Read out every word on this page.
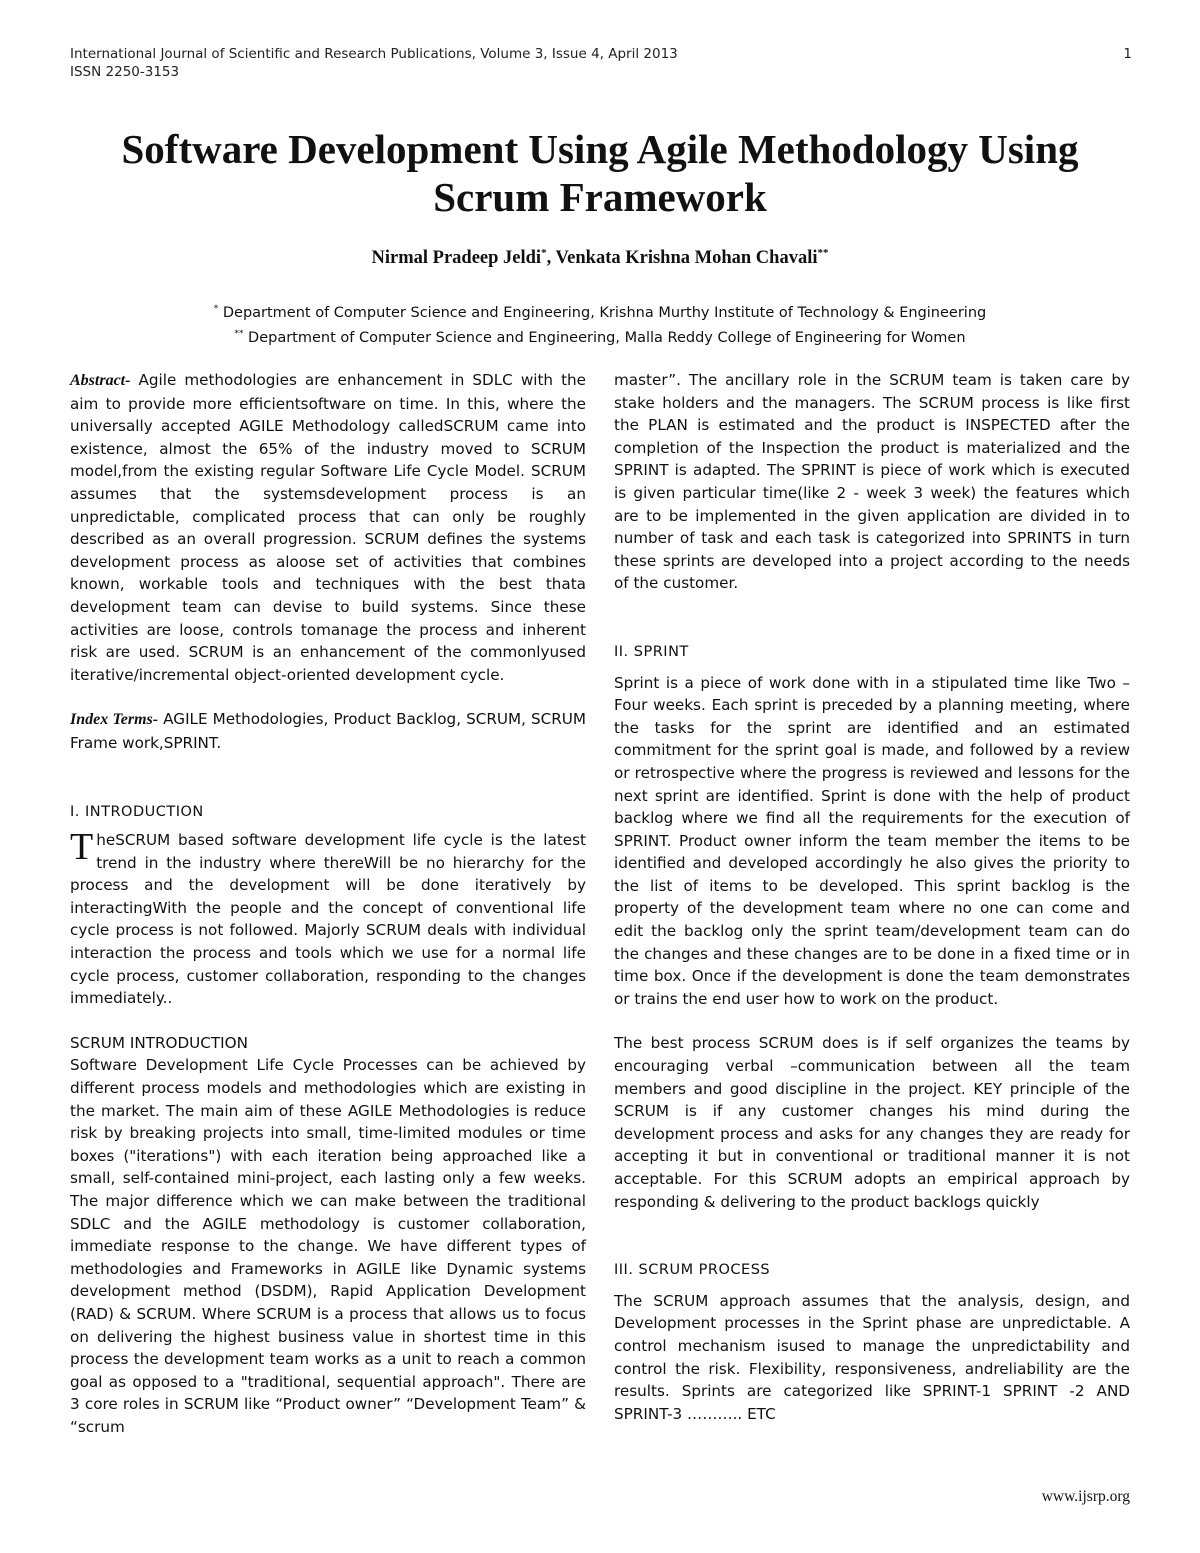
International Journal of Scientific and Research Publications, Volume 3, Issue 4, April 2013
ISSN 2250-3153
1
Software Development Using Agile Methodology Using
Scrum Framework
Nirmal Pradeep Jeldi*, Venkata Krishna Mohan Chavali**
* Department of Computer Science and Engineering, Krishna Murthy Institute of Technology & Engineering
** Department of Computer Science and Engineering, Malla Reddy College of Engineering for Women

Abstract- Agile methodologies are enhancement in SDLC with the aim to provide more efficientsoftware on time. In this, where the universally accepted AGILE Methodology calledSCRUM came into existence, almost the 65% of the industry moved to SCRUM model,from the existing regular Software Life Cycle Model. SCRUM assumes that the systemsdevelopment process is an unpredictable, complicated process that can only be roughly described as an overall progression. SCRUM defines the systems development process as aloose set of activities that combines known, workable tools and techniques with the best thata development team can devise to build systems. Since these activities are loose, controls tomanage the process and inherent risk are used. SCRUM is an enhancement of the commonlyused iterative/incremental object-oriented development cycle.

Index Terms- AGILE Methodologies, Product Backlog, SCRUM, SCRUM Frame work,SPRINT.

I. INTRODUCTION

TheSCRUM based software development life cycle is the latest trend in the industry where thereWill be no hierarchy for the process and the development will be done iteratively by interactingWith the people and the concept of conventional life cycle process is not followed. Majorly SCRUM deals with individual interaction the process and tools which we use for a normal life cycle process, customer collaboration, responding to the changes immediately..

SCRUM INTRODUCTION

Software Development Life Cycle Processes can be achieved by different process models and methodologies which are existing in the market. The main aim of these AGILE Methodologies is reduce risk by breaking projects into small, time-limited modules or time boxes ("iterations") with each iteration being approached like a small, self-contained mini-project, each lasting only a few weeks. The major difference which we can make between the traditional SDLC and the AGILE methodology is customer collaboration, immediate response to the change. We have different types of methodologies and Frameworks in AGILE like Dynamic systems development method (DSDM), Rapid Application Development (RAD) & SCRUM. Where SCRUM is a process that allows us to focus on delivering the highest business value in shortest time in this process the development team works as a unit to reach a common goal as opposed to a "traditional, sequential approach". There are 3 core roles in SCRUM like “Product owner” “Development Team” & “scrum

master”. The ancillary role in the SCRUM team is taken care by stake holders and the managers. The SCRUM process is like first the PLAN is estimated and the product is INSPECTED after the completion of the Inspection the product is materialized and the SPRINT is adapted. The SPRINT is piece of work which is executed is given particular time(like 2 - week 3 week) the features which are to be implemented in the given application are divided in to number of task and each task is categorized into SPRINTS in turn these sprints are developed into a project according to the needs of the customer.

II. SPRINT

Sprint is a piece of work done with in a stipulated time like Two – Four weeks. Each sprint is preceded by a planning meeting, where the tasks for the sprint are identified and an estimated commitment for the sprint goal is made, and followed by a review or retrospective where the progress is reviewed and lessons for the next sprint are identified. Sprint is done with the help of product backlog where we find all the requirements for the execution of SPRINT. Product owner inform the team member the items to be identified and developed accordingly he also gives the priority to the list of items to be developed. This sprint backlog is the property of the development team where no one can come and edit the backlog only the sprint team/development team can do the changes and these changes are to be done in a fixed time or in time box. Once if the development is done the team demonstrates or trains the end user how to work on the product.

The best process SCRUM does is if self organizes the teams by encouraging verbal –communication between all the team members and good discipline in the project. KEY principle of the SCRUM is if any customer changes his mind during the development process and asks for any changes they are ready for accepting it but in conventional or traditional manner it is not acceptable. For this SCRUM adopts an empirical approach by responding & delivering to the product backlogs quickly

III. SCRUM PROCESS

The SCRUM approach assumes that the analysis, design, and Development processes in the Sprint phase are unpredictable. A control mechanism isused to manage the unpredictability and control the risk. Flexibility, responsiveness, andreliability are the results. Sprints are categorized like SPRINT-1 SPRINT -2 AND SPRINT-3 ……….. ETC

www.ijsrp.org
